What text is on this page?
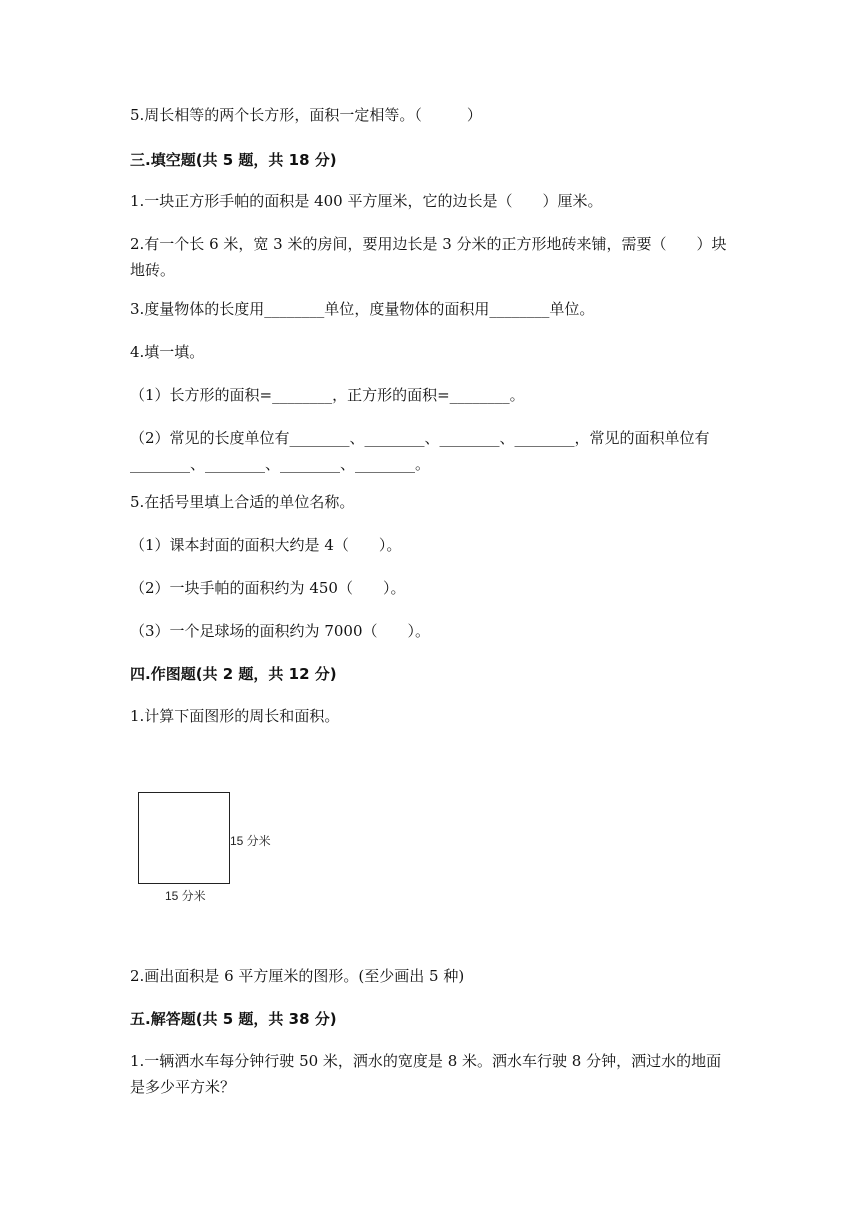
5.周长相等的两个长方形，面积一定相等。（　　　）
三.填空题(共 5 题，共 18 分)
1.一块正方形手帕的面积是 400 平方厘米，它的边长是（　　）厘米。
2.有一个长 6 米，宽 3 米的房间，要用边长是 3 分米的正方形地砖来铺，需要（　　）块地砖。
3.度量物体的长度用________单位，度量物体的面积用________单位。
4.填一填。
（1）长方形的面积=________，正方形的面积=________。
（2）常见的长度单位有________、________、________、________，常见的面积单位有________、________、________、________。
5.在括号里填上合适的单位名称。
（1）课本封面的面积大约是 4（　　）。
（2）一块手帕的面积约为 450（　　）。
（3）一个足球场的面积约为 7000（　　）。
四.作图题(共 2 题，共 12 分)
1.计算下面图形的周长和面积。
15 分米
15 分米
2.画出面积是 6 平方厘米的图形。(至少画出 5 种)
五.解答题(共 5 题，共 38 分)
1.一辆洒水车每分钟行驶 50 米，洒水的宽度是 8 米。洒水车行驶 8 分钟，洒过水的地面是多少平方米？
